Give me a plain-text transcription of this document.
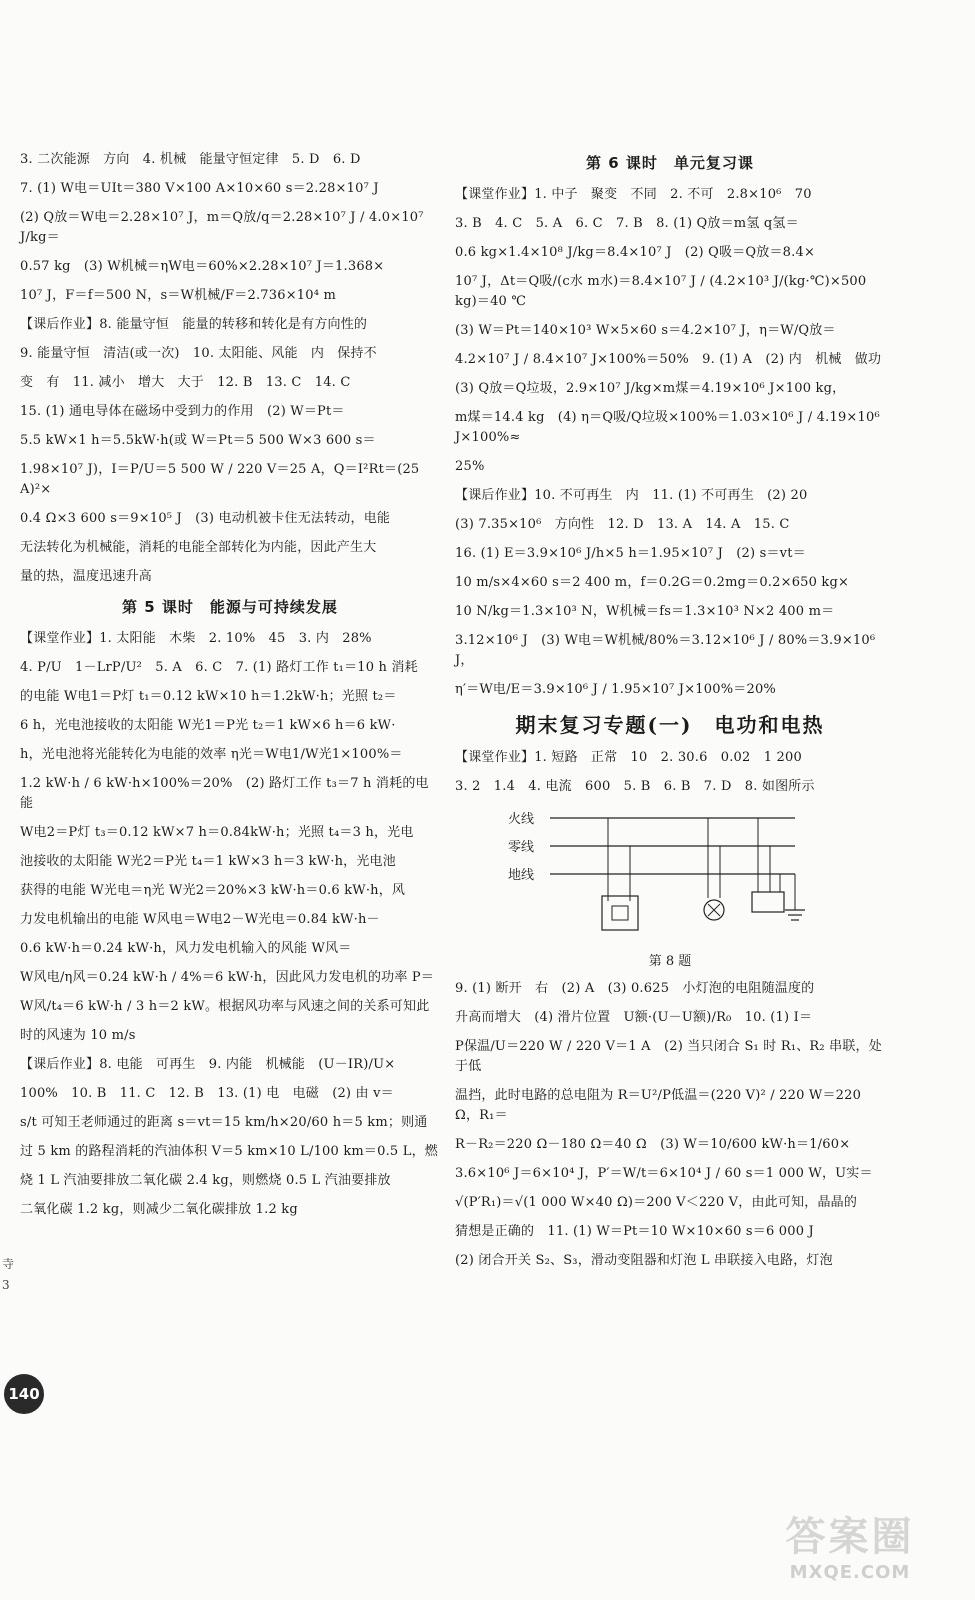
3. 二次能源　方向　4. 机械　能量守恒定律　5. D　6. D
7. (1) W电＝UIt＝380 V×100 A×10×60 s＝2.28×10⁷ J
(2) Q放＝W电＝2.28×10⁷ J，m＝Q放/q＝2.28×10⁷ J / 4.0×10⁷ J/kg＝
0.57 kg　(3) W机械＝ηW电＝60%×2.28×10⁷ J＝1.368×
10⁷ J，F＝f＝500 N，s＝W机械/F＝2.736×10⁴ m
【课后作业】8. 能量守恒　能量的转移和转化是有方向性的
9. 能量守恒　清洁(或一次)　10. 太阳能、风能　内　保持不
变　有　11. 减小　增大　大于　12. B　13. C　14. C
15. (1) 通电导体在磁场中受到力的作用　(2) W＝Pt＝
5.5 kW×1 h＝5.5kW·h(或 W＝Pt＝5 500 W×3 600 s＝
1.98×10⁷ J)，I＝P/U＝5 500 W / 220 V＝25 A，Q＝I²Rt＝(25 A)²×
0.4 Ω×3 600 s＝9×10⁵ J　(3) 电动机被卡住无法转动，电能
无法转化为机械能，消耗的电能全部转化为内能，因此产生大
量的热，温度迅速升高
第 5 课时　能源与可持续发展
【课堂作业】1. 太阳能　木柴　2. 10%　45　3. 内　28%
4. P/U　1－LrP/U²　5. A　6. C　7. (1) 路灯工作 t₁＝10 h 消耗
的电能 W电1＝P灯 t₁＝0.12 kW×10 h＝1.2kW·h；光照 t₂＝
6 h，光电池接收的太阳能 W光1＝P光 t₂＝1 kW×6 h＝6 kW·
h，光电池将光能转化为电能的效率 η光＝W电1/W光1×100%＝
1.2 kW·h / 6 kW·h×100%＝20%　(2) 路灯工作 t₃＝7 h 消耗的电能
W电2＝P灯 t₃＝0.12 kW×7 h＝0.84kW·h；光照 t₄＝3 h，光电
池接收的太阳能 W光2＝P光 t₄＝1 kW×3 h＝3 kW·h，光电池
获得的电能 W光电＝η光 W光2＝20%×3 kW·h＝0.6 kW·h，风
力发电机输出的电能 W风电＝W电2－W光电＝0.84 kW·h－
0.6 kW·h＝0.24 kW·h，风力发电机输入的风能 W风＝
W风电/η风＝0.24 kW·h / 4%＝6 kW·h，因此风力发电机的功率 P＝
W风/t₄＝6 kW·h / 3 h＝2 kW。根据风功率与风速之间的关系可知此
时的风速为 10 m/s
【课后作业】8. 电能　可再生　9. 内能　机械能　(U－IR)/U×
100%　10. B　11. C　12. B　13. (1) 电　电磁　(2) 由 v＝
s/t 可知王老师通过的距离 s＝vt＝15 km/h×20/60 h＝5 km；则通
过 5 km 的路程消耗的汽油体积 V＝5 km×10 L/100 km＝0.5 L，燃
烧 1 L 汽油要排放二氧化碳 2.4 kg，则燃烧 0.5 L 汽油要排放
二氧化碳 1.2 kg，则减少二氧化碳排放 1.2 kg
第 6 课时　单元复习课
【课堂作业】1. 中子　聚变　不同　2. 不可　2.8×10⁶　70
3. B　4. C　5. A　6. C　7. B　8. (1) Q放＝m氢 q氢＝
0.6 kg×1.4×10⁸ J/kg＝8.4×10⁷ J　(2) Q吸＝Q放＝8.4×
10⁷ J，Δt＝Q吸/(c水 m水)＝8.4×10⁷ J / (4.2×10³ J/(kg·℃)×500 kg)＝40 ℃
(3) W＝Pt＝140×10³ W×5×60 s＝4.2×10⁷ J，η＝W/Q放＝
4.2×10⁷ J / 8.4×10⁷ J×100%＝50%　9. (1) A　(2) 内　机械　做功
(3) Q放＝Q垃圾，2.9×10⁷ J/kg×m煤＝4.19×10⁶ J×100 kg，
m煤＝14.4 kg　(4) η＝Q吸/Q垃圾×100%＝1.03×10⁶ J / 4.19×10⁶ J×100%≈
25%
【课后作业】10. 不可再生　内　11. (1) 不可再生　(2) 20
(3) 7.35×10⁶　方向性　12. D　13. A　14. A　15. C
16. (1) E＝3.9×10⁶ J/h×5 h＝1.95×10⁷ J　(2) s＝vt＝
10 m/s×4×60 s＝2 400 m，f＝0.2G＝0.2mg＝0.2×650 kg×
10 N/kg＝1.3×10³ N，W机械＝fs＝1.3×10³ N×2 400 m＝
3.12×10⁶ J　(3) W电＝W机械/80%＝3.12×10⁶ J / 80%＝3.9×10⁶ J，
η′＝W电/E＝3.9×10⁶ J / 1.95×10⁷ J×100%＝20%
期末复习专题(一)　电功和电热
【课堂作业】1. 短路　正常　10　2. 30.6　0.02　1 200
3. 2　1.4　4. 电流　600　5. B　6. B　7. D　8. 如图所示
火线
零线
地线
第 8 题
9. (1) 断开　右　(2) A　(3) 0.625　小灯泡的电阻随温度的
升高而增大　(4) 滑片位置　U额·(U－U额)/R₀　10. (1) I＝
P保温/U＝220 W / 220 V＝1 A　(2) 当只闭合 S₁ 时 R₁、R₂ 串联，处于低
温挡，此时电路的总电阻为 R＝U²/P低温＝(220 V)² / 220 W＝220 Ω，R₁＝
R－R₂＝220 Ω－180 Ω＝40 Ω　(3) W＝10/600 kW·h＝1/60×
3.6×10⁶ J＝6×10⁴ J，P′＝W/t＝6×10⁴ J / 60 s＝1 000 W，U实＝
√(P′R₁)＝√(1 000 W×40 Ω)＝200 V＜220 V，由此可知，晶晶的
猜想是正确的　11. (1) W＝Pt＝10 W×10×60 s＝6 000 J
(2) 闭合开关 S₂、S₃，滑动变阻器和灯泡 L 串联接入电路，灯泡
140
寺
3
答案圈
MXQE.COM
